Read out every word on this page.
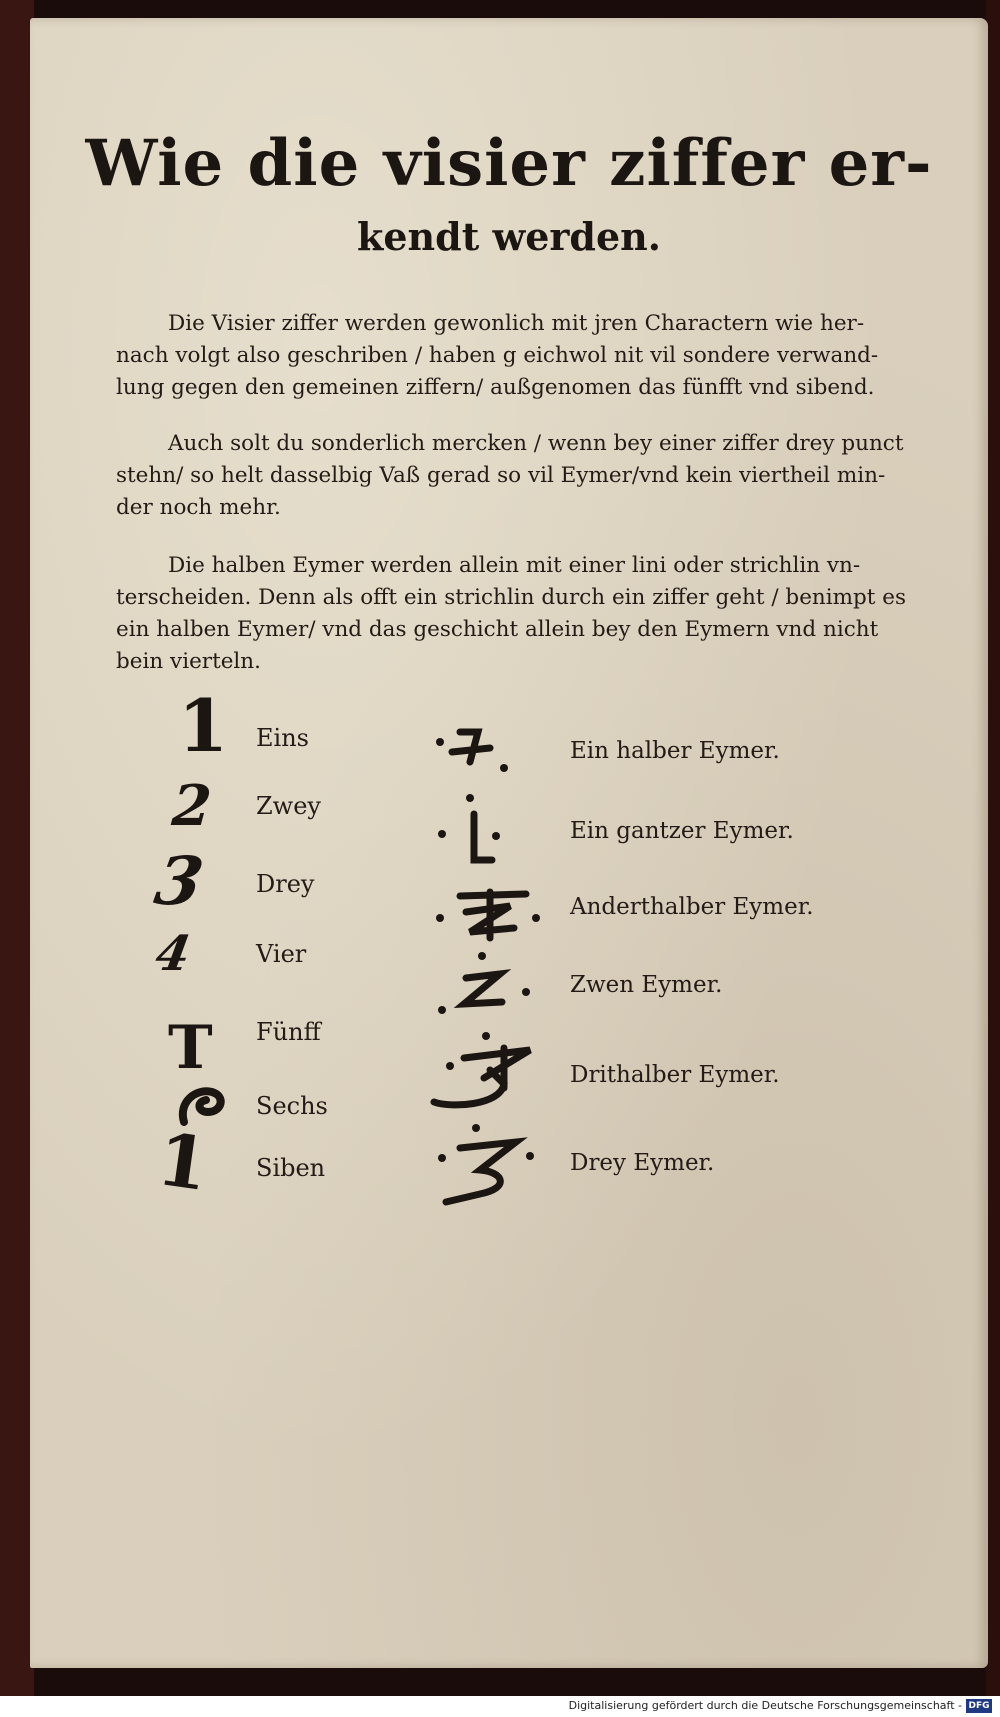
Wie die visier ziffer er-
kendt werden.
Die Visier ziffer werden gewonlich mit jren Charactern wie her-
nach volgt also geschriben / haben g eichwol nit vil sondere verwand-
lung gegen den gemeinen ziffern/ außgenomen das fünfft vnd sibend.
Auch solt du sonderlich mercken / wenn bey einer ziffer drey punct
stehn/ so helt dasselbig Vaß gerad so vil Eymer/vnd kein viertheil min-
der noch mehr.
Die halben Eymer werden allein mit einer lini oder strichlin vn-
terscheiden. Denn als offt ein strichlin durch ein ziffer geht / benimpt es
ein halben Eymer/ vnd das geschicht allein bey den Eymern vnd nicht
bein vierteln.
1 Eins
2 Zwey
3 Drey
4 Vier
T Fünff
Sechs
1 Siben
Ein halber Eymer.
Ein gantzer Eymer.
Anderthalber Eymer.
Zwen Eymer.
Drithalber Eymer.
Drey Eymer.
Digitalisierung gefördert durch die Deutsche Forschungsgemeinschaft - DFG
